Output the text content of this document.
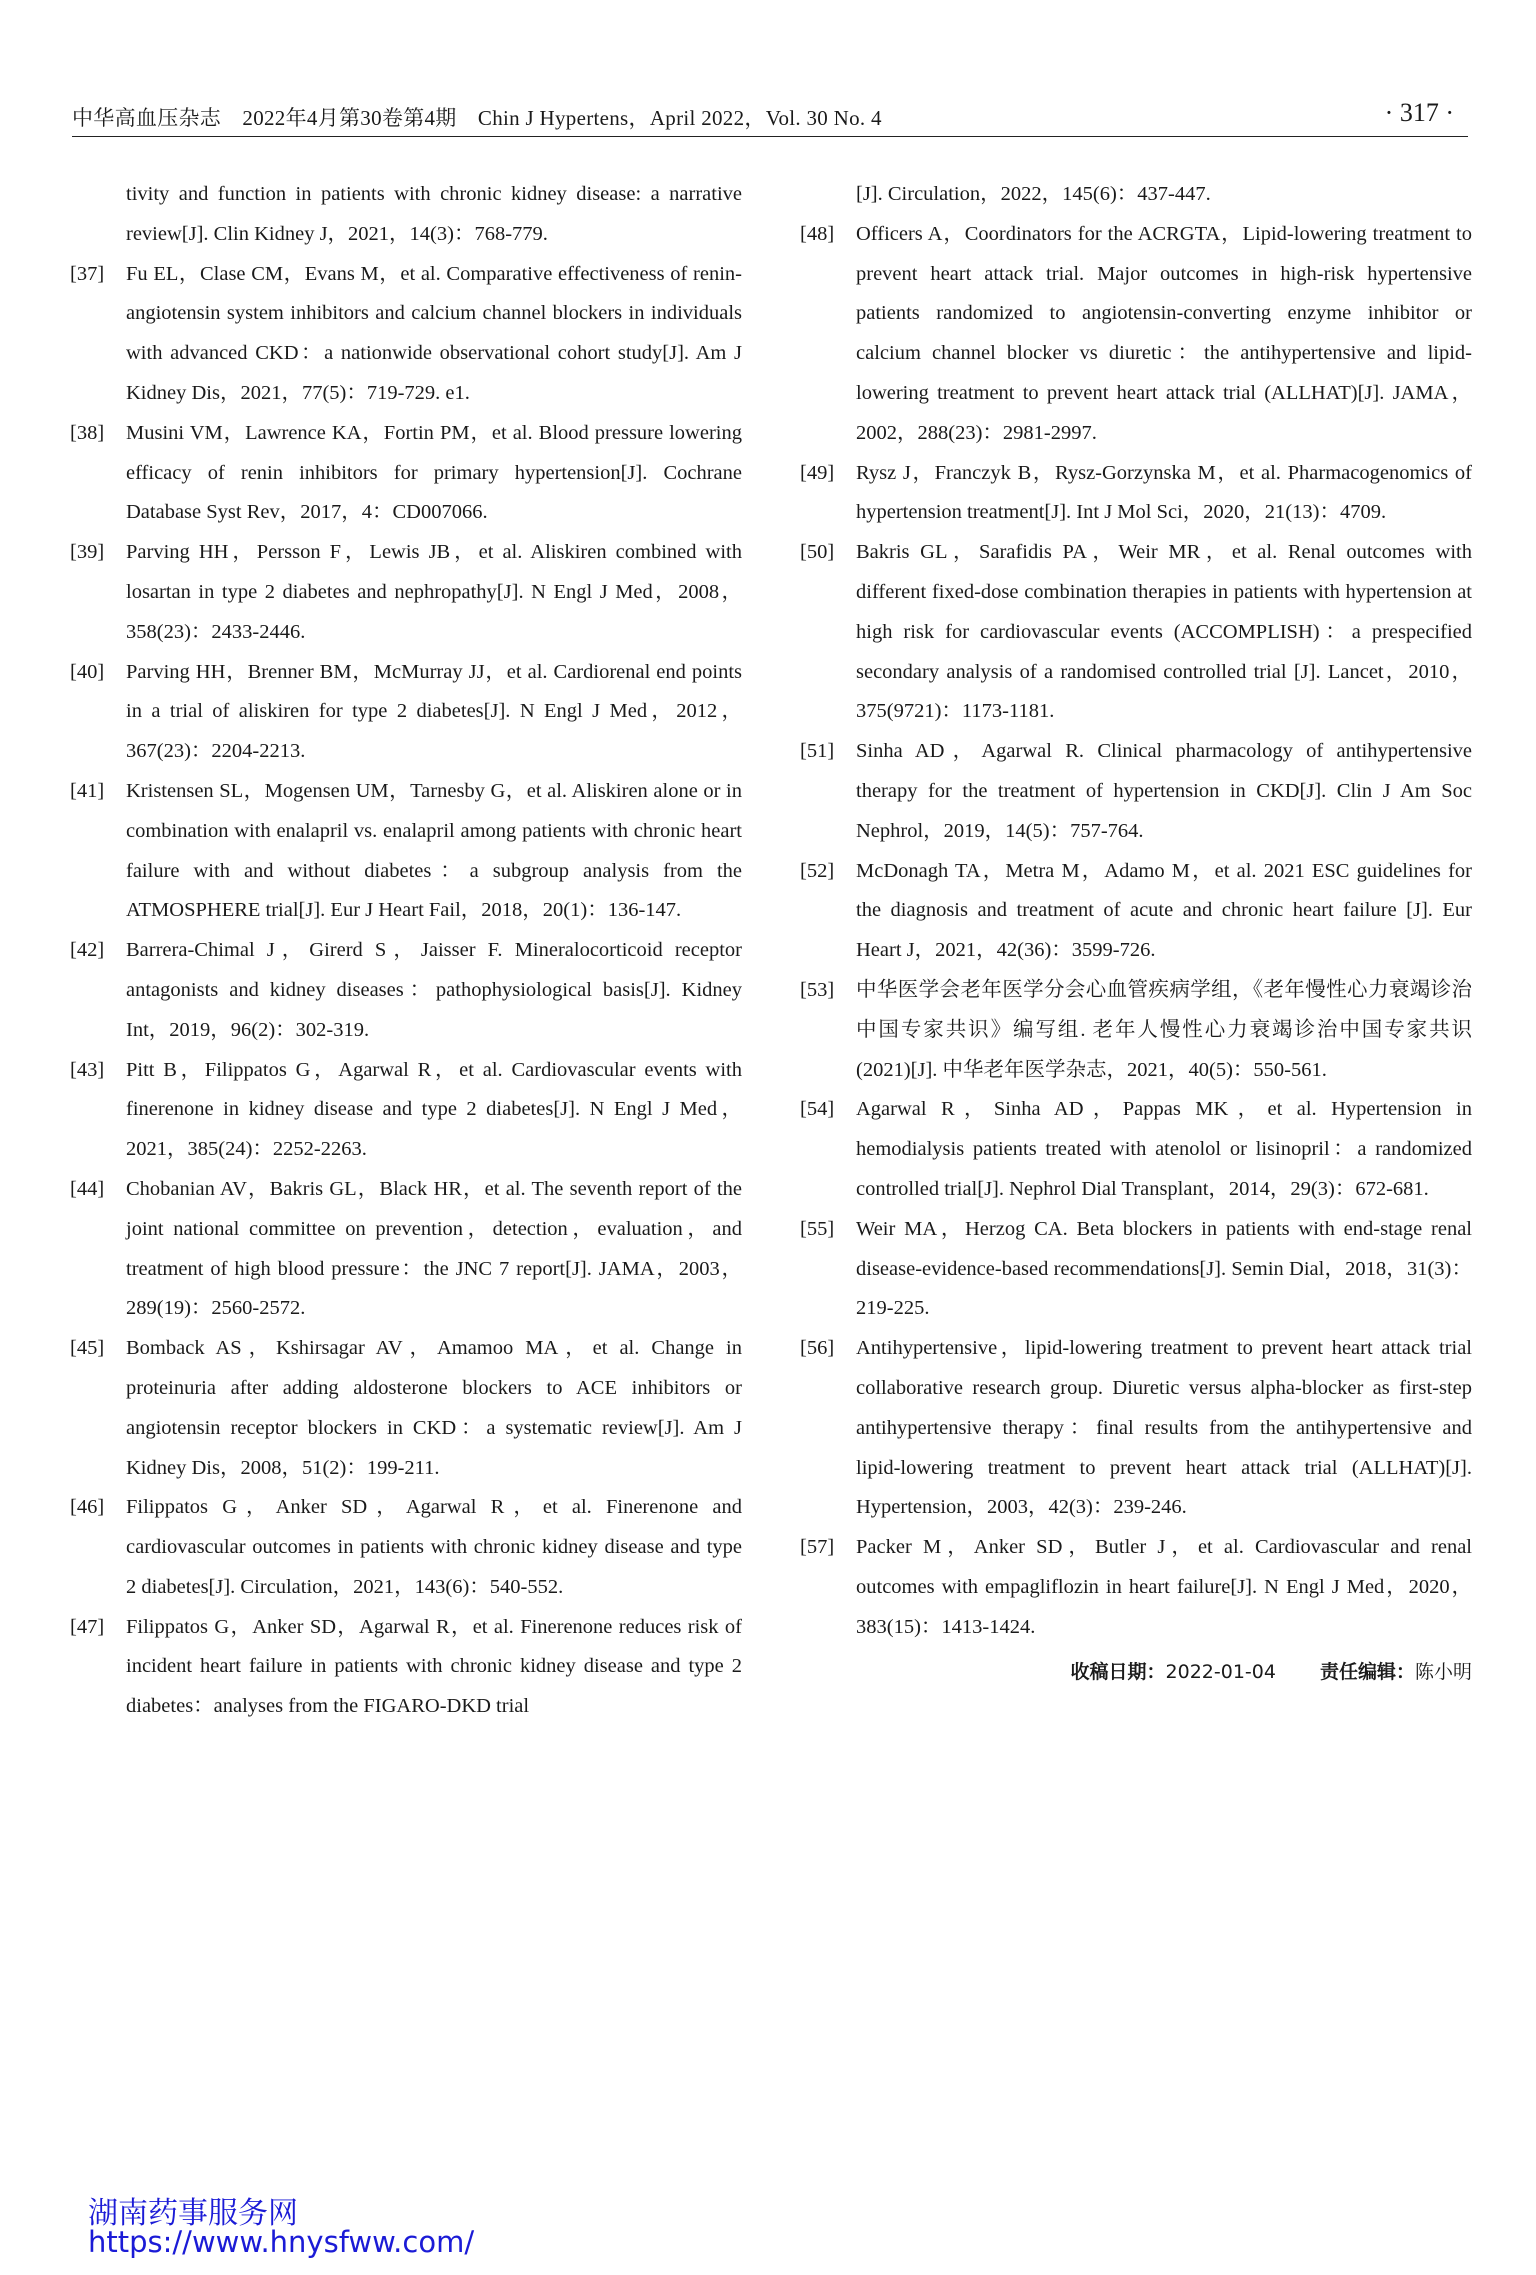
中华高血压杂志　2022年4月第30卷第4期　Chin J Hypertens，April 2022，Vol. 30 No. 4	· 317 ·
tivity and function in patients with chronic kidney disease: a narrative review[J]. Clin Kidney J，2021，14(3)：768-779.
[37] Fu EL，Clase CM，Evans M，et al. Comparative effectiveness of renin-angiotensin system inhibitors and calcium channel blockers in individuals with advanced CKD：a nationwide observational cohort study[J]. Am J Kidney Dis，2021，77(5)：719-729. e1.
[38] Musini VM，Lawrence KA，Fortin PM，et al. Blood pressure lowering efficacy of renin inhibitors for primary hypertension[J]. Cochrane Database Syst Rev，2017，4：CD007066.
[39] Parving HH，Persson F，Lewis JB，et al. Aliskiren combined with losartan in type 2 diabetes and nephropathy[J]. N Engl J Med，2008，358(23)：2433-2446.
[40] Parving HH，Brenner BM，McMurray JJ，et al. Cardiorenal end points in a trial of aliskiren for type 2 diabetes[J]. N Engl J Med，2012，367(23)：2204-2213.
[41] Kristensen SL，Mogensen UM，Tarnesby G，et al. Aliskiren alone or in combination with enalapril vs. enalapril among patients with chronic heart failure with and without diabetes：a subgroup analysis from the ATMOSPHERE trial[J]. Eur J Heart Fail，2018，20(1)：136-147.
[42] Barrera-Chimal J，Girerd S，Jaisser F. Mineralocorticoid receptor antagonists and kidney diseases：pathophysiological basis[J]. Kidney Int，2019，96(2)：302-319.
[43] Pitt B，Filippatos G，Agarwal R，et al. Cardiovascular events with finerenone in kidney disease and type 2 diabetes[J]. N Engl J Med，2021，385(24)：2252-2263.
[44] Chobanian AV，Bakris GL，Black HR，et al. The seventh report of the joint national committee on prevention，detection，evaluation，and treatment of high blood pressure：the JNC 7 report[J]. JAMA，2003，289(19)：2560-2572.
[45] Bomback AS，Kshirsagar AV，Amamoo MA，et al. Change in proteinuria after adding aldosterone blockers to ACE inhibitors or angiotensin receptor blockers in CKD：a systematic review[J]. Am J Kidney Dis，2008，51(2)：199-211.
[46] Filippatos G，Anker SD，Agarwal R，et al. Finerenone and cardiovascular outcomes in patients with chronic kidney disease and type 2 diabetes[J]. Circulation，2021，143(6)：540-552.
[47] Filippatos G，Anker SD，Agarwal R，et al. Finerenone reduces risk of incident heart failure in patients with chronic kidney disease and type 2 diabetes：analyses from the FIGARO-DKD trial
[J]. Circulation，2022，145(6)：437-447.
[48] Officers A，Coordinators for the ACRGTA，Lipid-lowering treatment to prevent heart attack trial. Major outcomes in high-risk hypertensive patients randomized to angiotensin-converting enzyme inhibitor or calcium channel blocker vs diuretic：the antihypertensive and lipid-lowering treatment to prevent heart attack trial (ALLHAT)[J]. JAMA，2002，288(23)：2981-2997.
[49] Rysz J，Franczyk B，Rysz-Gorzynska M，et al. Pharmacogenomics of hypertension treatment[J]. Int J Mol Sci，2020，21(13)：4709.
[50] Bakris GL，Sarafidis PA，Weir MR，et al. Renal outcomes with different fixed-dose combination therapies in patients with hypertension at high risk for cardiovascular events (ACCOMPLISH)：a prespecified secondary analysis of a randomised controlled trial [J]. Lancet，2010，375(9721)：1173-1181.
[51] Sinha AD，Agarwal R. Clinical pharmacology of antihypertensive therapy for the treatment of hypertension in CKD[J]. Clin J Am Soc Nephrol，2019，14(5)：757-764.
[52] McDonagh TA，Metra M，Adamo M，et al. 2021 ESC guidelines for the diagnosis and treatment of acute and chronic heart failure [J]. Eur Heart J，2021，42(36)：3599-726.
[53] 中华医学会老年医学分会心血管疾病学组，《老年慢性心力衰竭诊治中国专家共识》编写组. 老年人慢性心力衰竭诊治中国专家共识(2021)[J]. 中华老年医学杂志，2021，40(5)：550-561.
[54] Agarwal R，Sinha AD，Pappas MK，et al. Hypertension in hemodialysis patients treated with atenolol or lisinopril：a randomized controlled trial[J]. Nephrol Dial Transplant，2014，29(3)：672-681.
[55] Weir MA，Herzog CA. Beta blockers in patients with end-stage renal disease-evidence-based recommendations[J]. Semin Dial，2018，31(3)：219-225.
[56] Antihypertensive，lipid-lowering treatment to prevent heart attack trial collaborative research group. Diuretic versus alpha-blocker as first-step antihypertensive therapy：final results from the antihypertensive and lipid-lowering treatment to prevent heart attack trial (ALLHAT)[J]. Hypertension，2003，42(3)：239-246.
[57] Packer M，Anker SD，Butler J，et al. Cardiovascular and renal outcomes with empagliflozin in heart failure[J]. N Engl J Med，2020，383(15)：1413-1424.
收稿日期：2022-01-04 责任编辑：陈小明
湖南药事服务网
https://www.hnysfww.com/
